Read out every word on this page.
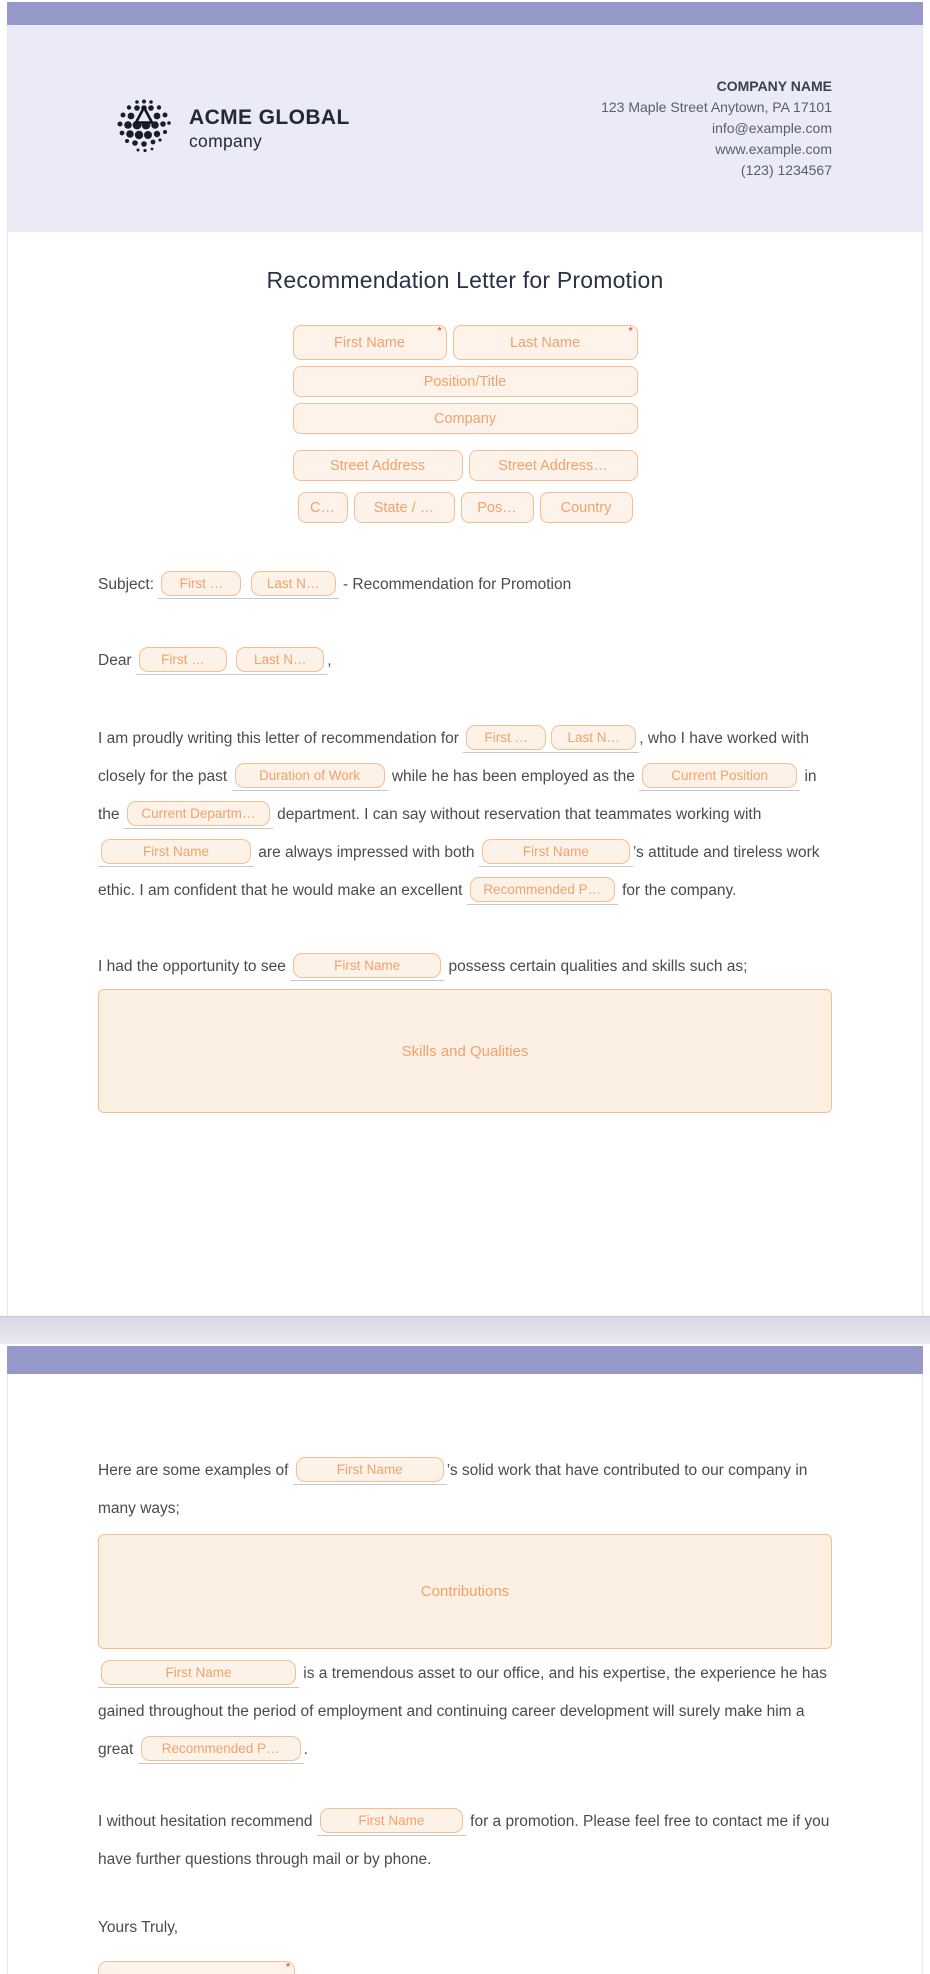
ACME GLOBAL
company
COMPANY NAME
123 Maple Street Anytown, PA 17101
info@example.com
www.example.com
(123) 1234567
Recommendation Letter for Promotion
First Name
*
Last Name
*
Position/Title
Company
Street Address	Street Address…
C…	State / …	Pos…	Country
Subject: First …	Last N… - Recommendation for Promotion
Dear First …	Last N… ,

I am proudly writing this letter of recommendation for First …	Last N… , who I have worked with closely for the past Duration of Work while he has been employed as the Current Position in the Current Departm… department. I can say without reservation that teammates working with First Name	are always impressed with both	First Name	’s attitude and tireless work ethic. I am confident that he would make an excellent Recommended P… for the company.

I had the opportunity to see	First Name	possess certain qualities and skills such as;

Skills and Qualities

Here are some examples of	First Name	’s solid work that have contributed to our company in many ways;

Contributions

First Name	is a tremendous asset to our office, and his expertise, the experience he has gained throughout the period of employment and continuing career development will surely make him a great Recommended P… .

I without hesitation recommend	First Name	for a promotion. Please feel free to contact me if you have further questions through mail or by phone.

Yours Truly,
*
